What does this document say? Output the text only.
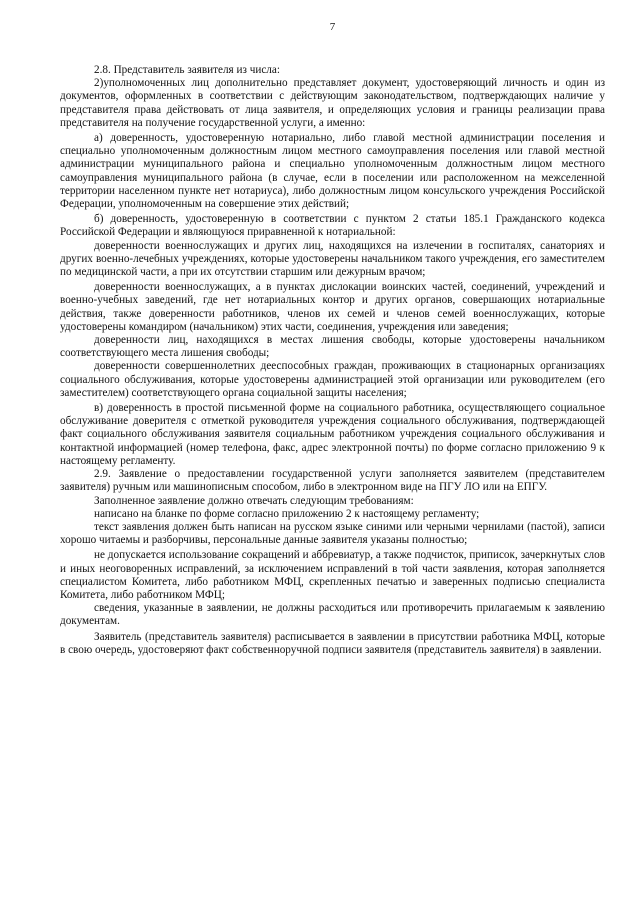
7

2.8. Представитель заявителя из числа:

2)уполномоченных лиц дополнительно представляет документ, удостоверяющий личность и один из документов, оформленных в соответствии с действующим законодательством, подтверждающих наличие у представителя права действовать от лица заявителя, и определяющих условия и границы реализации права представителя на получение государственной услуги, а именно:

а) доверенность, удостоверенную нотариально, либо главой местной администрации поселения и специально уполномоченным должностным лицом местного самоуправления поселения или главой местной администрации муниципального района и специально уполномоченным должностным лицом местного самоуправления муниципального района (в случае, если в поселении или расположенном на межселенной территории населенном пункте нет нотариуса), либо должностным лицом консульского учреждения Российской Федерации, уполномоченным на совершение этих действий;

б) доверенность, удостоверенную в соответствии с пунктом 2 статьи 185.1 Гражданского кодекса Российской Федерации и являющуюся приравненной к нотариальной:

доверенности военнослужащих и других лиц, находящихся на излечении в госпиталях, санаториях и других военно-лечебных учреждениях, которые удостоверены начальником такого учреждения, его заместителем по медицинской части, а при их отсутствии старшим или дежурным врачом;

доверенности военнослужащих, а в пунктах дислокации воинских частей, соединений, учреждений и военно-учебных заведений, где нет нотариальных контор и других органов, совершающих нотариальные действия, также доверенности работников, членов их семей и членов семей военнослужащих, которые удостоверены командиром (начальником) этих части, соединения, учреждения или заведения;

доверенности лиц, находящихся в местах лишения свободы, которые удостоверены начальником соответствующего места лишения свободы;

доверенности совершеннолетних дееспособных граждан, проживающих в стационарных организациях социального обслуживания, которые удостоверены администрацией этой организации или руководителем (его заместителем) соответствующего органа социальной защиты населения;

в) доверенность в простой письменной форме на социального работника, осуществляющего социальное обслуживание доверителя с отметкой руководителя учреждения социального обслуживания, подтверждающей факт социального обслуживания заявителя социальным работником учреждения социального обслуживания и контактной информацией (номер телефона, факс, адрес электронной почты) по форме согласно приложению 9 к настоящему регламенту.

2.9. Заявление о предоставлении государственной услуги заполняется заявителем (представителем заявителя) ручным или машинописным способом, либо в электронном виде на ПГУ ЛО или на ЕПГУ.

Заполненное заявление должно отвечать следующим требованиям:

написано на бланке по форме согласно приложению 2 к настоящему регламенту;

текст заявления должен быть написан на русском языке синими или черными чернилами (пастой), записи хорошо читаемы и разборчивы, персональные данные заявителя указаны полностью;

не допускается использование сокращений и аббревиатур, а также подчисток, приписок, зачеркнутых слов и иных неоговоренных исправлений, за исключением исправлений в той части заявления, которая заполняется специалистом Комитета, либо работником МФЦ, скрепленных печатью и заверенных подписью специалиста Комитета, либо работником МФЦ;

сведения, указанные в заявлении, не должны расходиться или противоречить прилагаемым к заявлению документам.

Заявитель (представитель заявителя) расписывается в заявлении в присутствии работника МФЦ, которые в свою очередь, удостоверяют факт собственноручной подписи заявителя (представитель заявителя) в заявлении.
